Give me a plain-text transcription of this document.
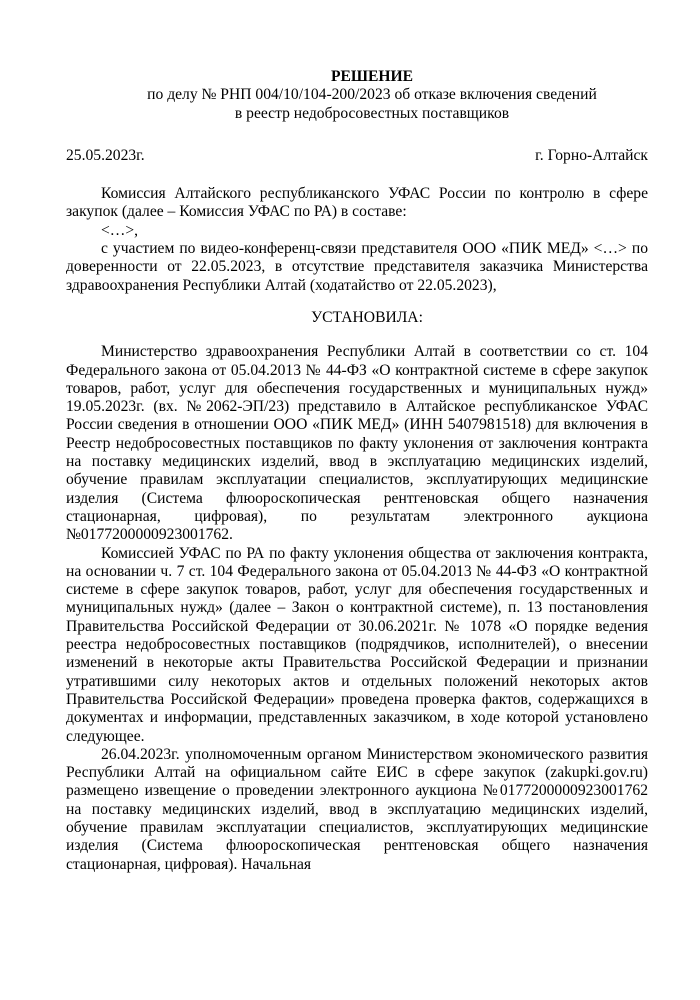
РЕШЕНИЕ

по делу № РНП 004/10/104-200/2023 об отказе включения сведений

в реестр недобросовестных поставщиков

25.05.2023г.	г. Горно-Алтайск

Комиссия Алтайского республиканского УФАС России по контролю в сфере закупок (далее – Комиссия УФАС по РА) в составе:

<…>,

с участием по видео-конференц-связи представителя ООО «ПИК МЕД» <…> по доверенности от 22.05.2023, в отсутствие представителя заказчика Министерства здравоохранения Республики Алтай (ходатайство от 22.05.2023),

УСТАНОВИЛА:

Министерство здравоохранения Республики Алтай в соответствии со ст. 104 Федерального закона от 05.04.2013 № 44-ФЗ «О контрактной системе в сфере закупок товаров, работ, услуг для обеспечения государственных и муниципальных нужд» 19.05.2023г. (вх. №2062-ЭП/23) представило в Алтайское республиканское УФАС России сведения в отношении ООО «ПИК МЕД» (ИНН 5407981518) для включения в Реестр недобросовестных поставщиков по факту уклонения от заключения контракта на поставку медицинских изделий, ввод в эксплуатацию медицинских изделий, обучение правилам эксплуатации специалистов, эксплуатирующих медицинские изделия (Система флюороскопическая рентгеновская общего назначения стационарная, цифровая), по результатам электронного аукциона №0177200000923001762.

Комиссией УФАС по РА по факту уклонения общества от заключения контракта, на основании ч. 7 ст. 104 Федерального закона от 05.04.2013 № 44-ФЗ «О контрактной системе в сфере закупок товаров, работ, услуг для обеспечения государственных и муниципальных нужд» (далее – Закон о контрактной системе), п. 13 постановления Правительства Российской Федерации от 30.06.2021г. № 1078 «О порядке ведения реестра недобросовестных поставщиков (подрядчиков, исполнителей), о внесении изменений в некоторые акты Правительства Российской Федерации и признании утратившими силу некоторых актов и отдельных положений некоторых актов Правительства Российской Федерации» проведена проверка фактов, содержащихся в документах и информации, представленных заказчиком, в ходе которой установлено следующее.

26.04.2023г. уполномоченным органом Министерством экономического развития Республики Алтай на официальном сайте ЕИС в сфере закупок (zakupki.gov.ru) размещено извещение о проведении электронного аукциона №0177200000923001762 на поставку медицинских изделий, ввод в эксплуатацию медицинских изделий, обучение правилам эксплуатации специалистов, эксплуатирующих медицинские изделия (Система флюороскопическая рентгеновская общего назначения стационарная, цифровая). Начальная
